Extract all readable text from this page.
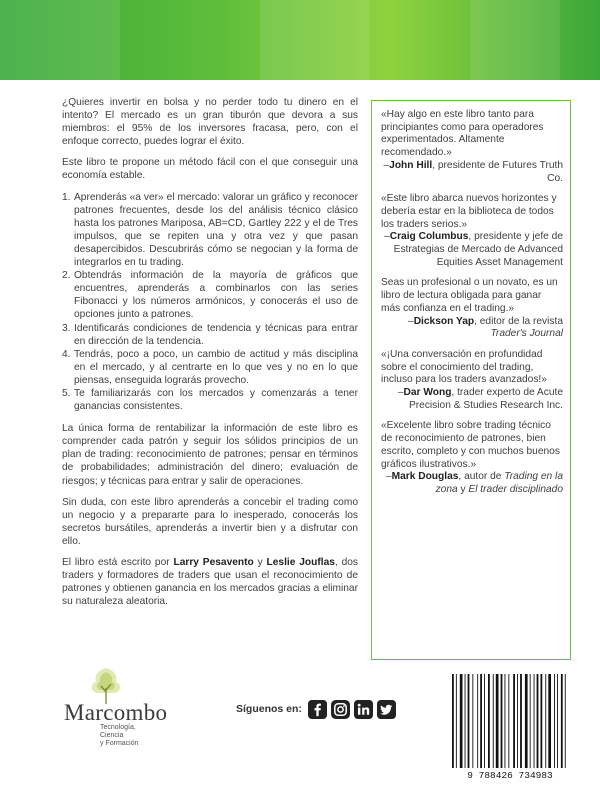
¿Quieres invertir en bolsa y no perder todo tu dinero en el intento? El mercado es un gran tiburón que devora a sus miembros: el 95% de los inversores fracasa, pero, con el enfoque correcto, puedes lograr el éxito.

Este libro te propone un método fácil con el que conseguir una economía estable.

1. Aprenderás «a ver» el mercado: valorar un gráfico y reconocer patrones frecuentes, desde los del análisis técnico clásico hasta los patrones Mariposa, AB=CD, Gartley 222 y el de Tres impulsos, que se repiten una y otra vez y que pasan desapercibidos. Descubrirás cómo se negocian y la forma de integrarlos en tu trading.
2. Obtendrás información de la mayoría de gráficos que encuentres, aprenderás a combinarlos con las series Fibonacci y los números armónicos, y conocerás el uso de opciones junto a patrones.
3. Identificarás condiciones de tendencia y técnicas para entrar en dirección de la tendencia.
4. Tendrás, poco a poco, un cambio de actitud y más disciplina en el mercado, y al centrarte en lo que ves y no en lo que piensas, enseguida lograrás provecho.
5. Te familiarizarás con los mercados y comenzarás a tener ganancias consistentes.

La única forma de rentabilizar la información de este libro es comprender cada patrón y seguir los sólidos principios de un plan de trading: reconocimiento de patrones; pensar en términos de probabilidades; administración del dinero; evaluación de riesgos; y técnicas para entrar y salir de operaciones.

Sin duda, con este libro aprenderás a concebir el trading como un negocio y a prepararte para lo inesperado, conocerás los secretos bursátiles, aprenderás a invertir bien y a disfrutar con ello.

El libro está escrito por Larry Pesavento y Leslie Jouflas, dos traders y formadores de traders que usan el reconocimiento de patrones y obtienen ganancia en los mercados gracias a eliminar su naturaleza aleatoria.

«Hay algo en este libro tanto para principiantes como para operadores experimentados. Altamente recomendado.»
–John Hill, presidente de Futures Truth Co.
«Este libro abarca nuevos horizontes y debería estar en la biblioteca de todos los traders serios.»
–Craig Columbus, presidente y jefe de Estrategias de Mercado de Advanced Equities Asset Management
Seas un profesional o un novato, es un libro de lectura obligada para ganar más confianza en el trading.»
–Dickson Yap, editor de la revista Trader's Journal
«¡Una conversación en profundidad sobre el conocimiento del trading, incluso para los traders avanzados!»
–Dar Wong, trader experto de Acute Precision & Studies Research Inc.
«Excelente libro sobre trading técnico de reconocimiento de patrones, bien escrito, completo y con muchos buenos gráficos ilustrativos.»
–Mark Douglas, autor de Trading en la zona y El trader disciplinado
Marcombo
Tecnología,
Ciencia
y Formación
Síguenos en:
9 788426 734983
